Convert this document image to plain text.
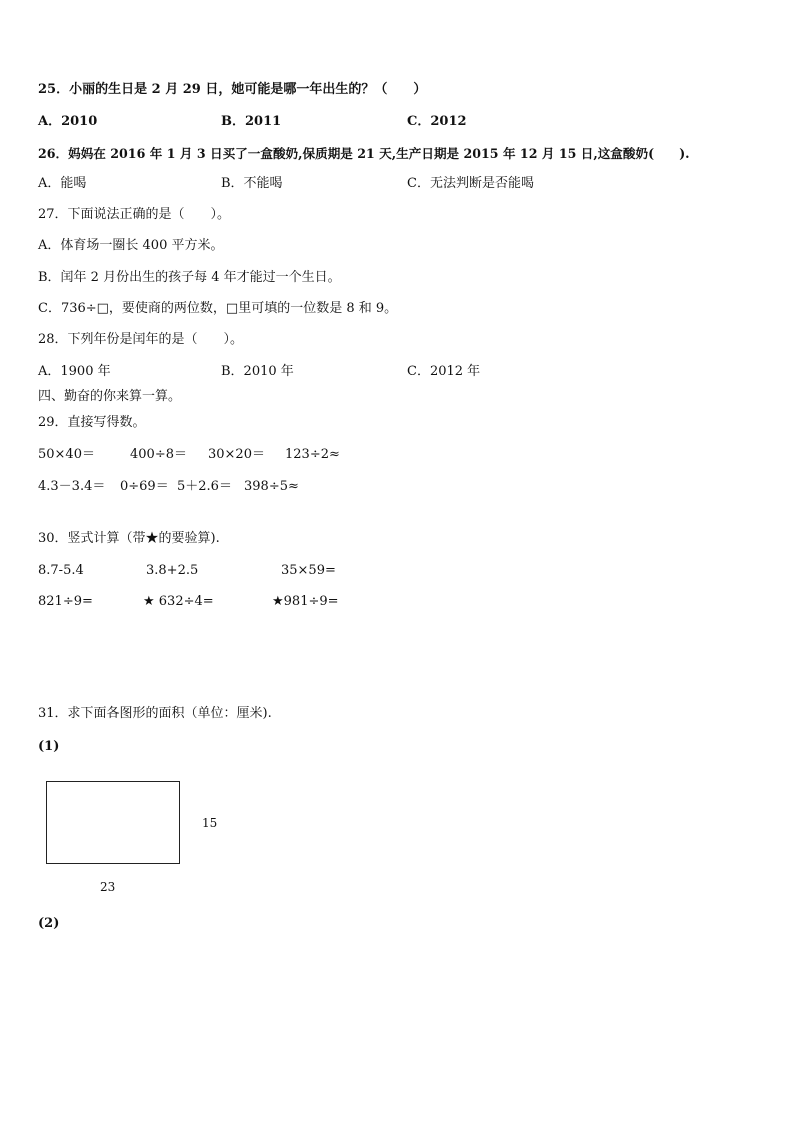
25．小丽的生日是 2 月 29 日，她可能是哪一年出生的？（　　）
A．2010	B．2011	C．2012
26．妈妈在 2016 年 1 月 3 日买了一盒酸奶,保质期是 21 天,生产日期是 2015 年 12 月 15 日,这盒酸奶(　　).
A．能喝	B．不能喝	C．无法判断是否能喝
27．下面说法正确的是（　　）。
A．体育场一圈长 400 平方米。
B．闰年 2 月份出生的孩子每 4 年才能过一个生日。
C．736÷□，要使商的两位数，□里可填的一位数是 8 和 9。
28．下列年份是闰年的是（　　）。
A．1900 年	B．2010 年	C．2012 年
四、勤奋的你来算一算。
29．直接写得数。
50×40＝	400÷8＝ 30×20＝ 123÷2≈
4.3－3.4＝ 0÷69＝ 5＋2.6＝ 398÷5≈
30．竖式计算（带★的要验算).
8.7-5.4	3.8+2.5	35×59=
821÷9=	★ 632÷4=	★981÷9=
31．求下面各图形的面积（单位：厘米).
(1)
15
23
(2)
